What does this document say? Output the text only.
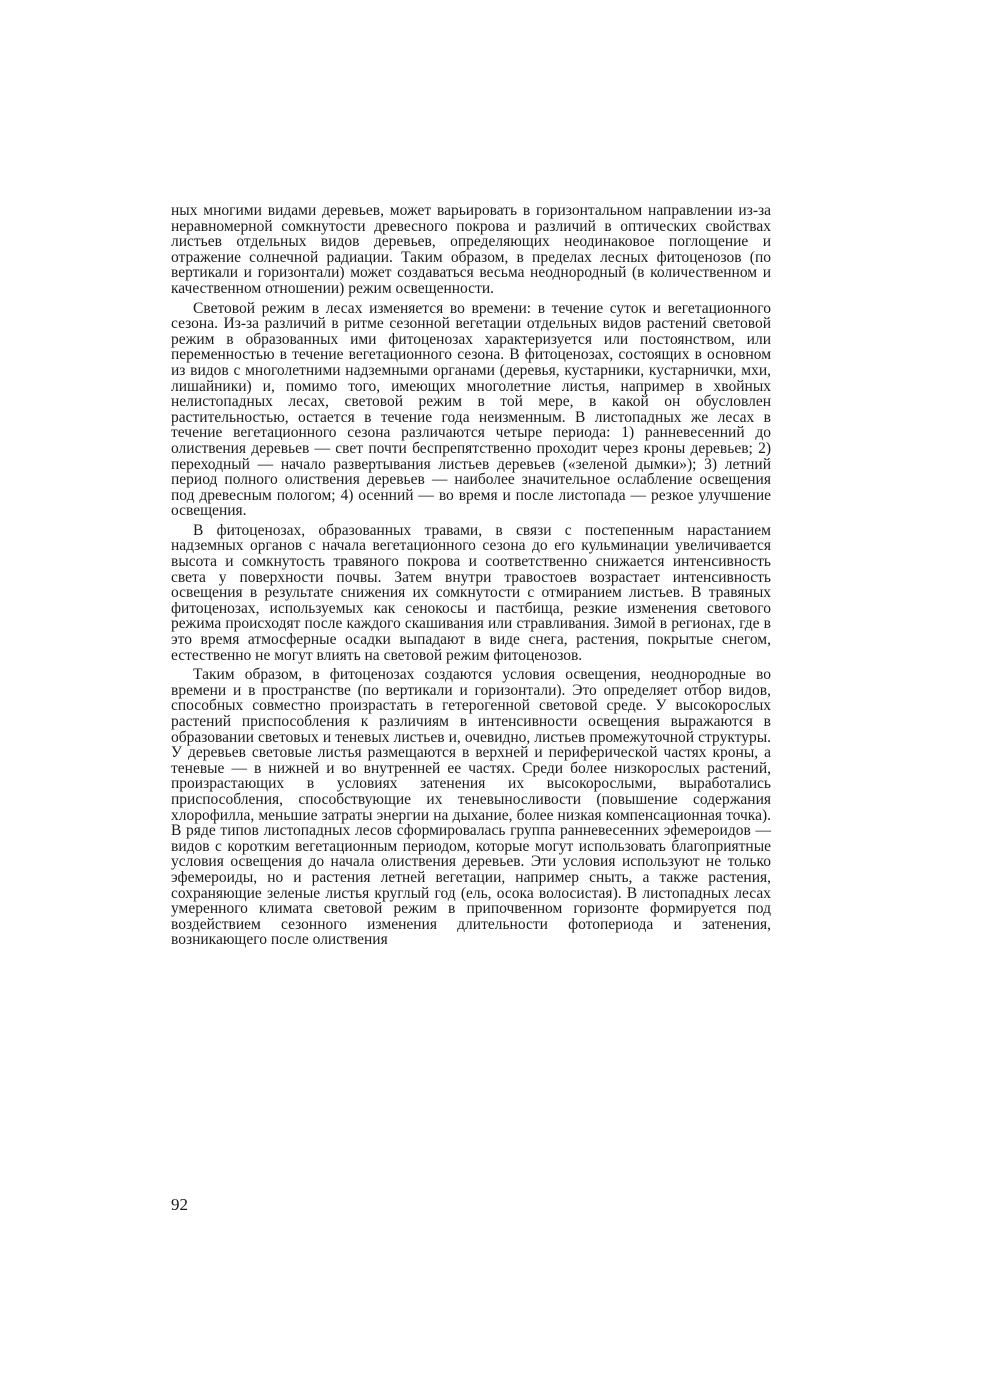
ных многими видами деревьев, может варьировать в горизонтальном направлении из-за неравномерной сомкнутости древесного покрова и различий в оптических свойствах листьев отдельных видов деревьев, определяющих неодинаковое поглощение и отражение солнечной радиации. Таким образом, в пределах лесных фитоценозов (по вертикали и горизонтали) может создаваться весьма неоднородный (в количественном и качественном отношении) режим освещенности.

Световой режим в лесах изменяется во времени: в течение суток и вегетационного сезона. Из-за различий в ритме сезонной вегетации отдельных видов растений световой режим в образованных ими фитоценозах характеризуется или постоянством, или переменностью в течение вегетационного сезона. В фитоценозах, состоящих в основном из видов с многолетними надземными органами (деревья, кустарники, кустарнички, мхи, лишайники) и, помимо того, имеющих многолетние листья, например в хвойных нелистопадных лесах, световой режим в той мере, в какой он обусловлен растительностью, остается в течение года неизменным. В листопадных же лесах в течение вегетационного сезона различаются четыре периода: 1) ранневесенний до олиствения деревьев — свет почти беспрепятственно проходит через кроны деревьев; 2) переходный — начало развертывания листьев деревьев («зеленой дымки»); 3) летний период полного олиствения деревьев — наиболее значительное ослабление освещения под древесным пологом; 4) осенний — во время и после листопада — резкое улучшение освещения.

В фитоценозах, образованных травами, в связи с постепенным нарастанием надземных органов с начала вегетационного сезона до его кульминации увеличивается высота и сомкнутость травяного покрова и соответственно снижается интенсивность света у поверхности почвы. Затем внутри травостоев возрастает интенсивность освещения в результате снижения их сомкнутости с отмиранием листьев. В травяных фитоценозах, используемых как сенокосы и пастбища, резкие изменения светового режима происходят после каждого скашивания или стравливания. Зимой в регионах, где в это время атмосферные осадки выпадают в виде снега, растения, покрытые снегом, естественно не могут влиять на световой режим фитоценозов.

Таким образом, в фитоценозах создаются условия освещения, неоднородные во времени и в пространстве (по вертикали и горизонтали). Это определяет отбор видов, способных совместно произрастать в гетерогенной световой среде. У высокорослых растений приспособления к различиям в интенсивности освещения выражаются в образовании световых и теневых листьев и, очевидно, листьев промежуточной структуры. У деревьев световые листья размещаются в верхней и периферической частях кроны, а теневые — в нижней и во внутренней ее частях. Среди более низкорослых растений, произрастающих в условиях затенения их высокорослыми, выработались приспособления, способствующие их теневыносливости (повышение содержания хлорофилла, меньшие затраты энергии на дыхание, более низкая компенсационная точка). В ряде типов листопадных лесов сформировалась группа ранневесенних эфемероидов — видов с коротким вегетационным периодом, которые могут использовать благоприятные условия освещения до начала олиствения деревьев. Эти условия используют не только эфемероиды, но и растения летней вегетации, например сныть, а также растения, сохраняющие зеленые листья круглый год (ель, осока волосистая). В листопадных лесах умеренного климата световой режим в припочвенном горизонте формируется под воздействием сезонного изменения длительности фотопериода и затенения, возникающего после олиствения

92
